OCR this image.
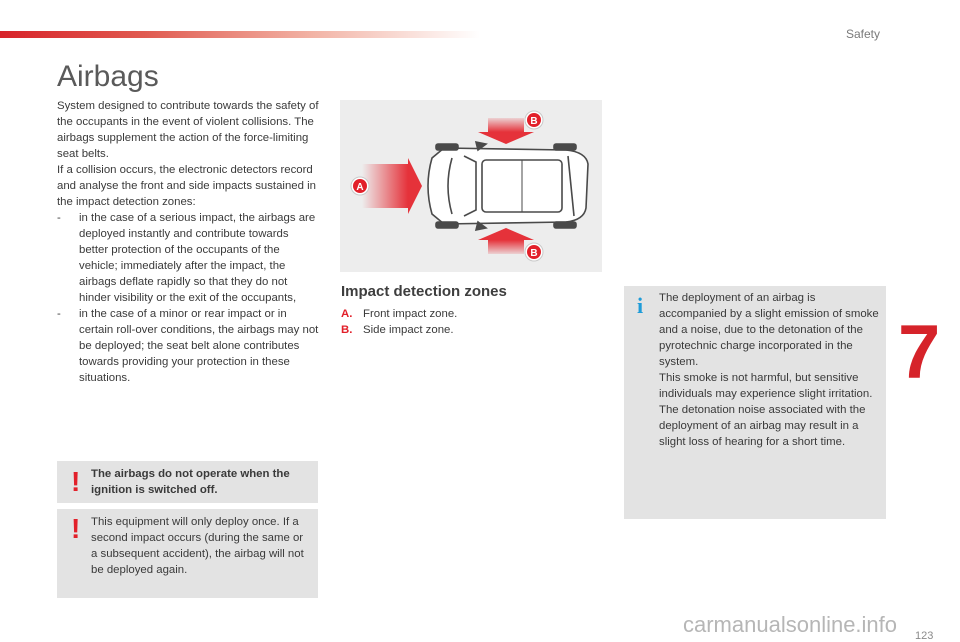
Safety
Airbags

System designed to contribute towards the safety of the occupants in the event of violent collisions. The airbags supplement the action of the force-limiting seat belts.

If a collision occurs, the electronic detectors record and analyse the front and side impacts sustained in the impact detection zones:

- in the case of a serious impact, the airbags are deployed instantly and contribute towards better protection of the occupants of the vehicle; immediately after the impact, the airbags deflate rapidly so that they do not hinder visibility or the exit of the occupants,
- in the case of a minor or rear impact or in certain roll-over conditions, the airbags may not be deployed; the seat belt alone contributes towards providing your protection in these situations.
! The airbags do not operate when the ignition is switched off.
! This equipment will only deploy once. If a second impact occurs (during the same or a subsequent accident), the airbag will not be deployed again.
A
B
B
Impact detection zones
A. Front impact zone.
B. Side impact zone.
i The deployment of an airbag is accompanied by a slight emission of smoke and a noise, due to the detonation of the pyrotechnic charge incorporated in the system.

This smoke is not harmful, but sensitive individuals may experience slight irritation.

The detonation noise associated with the deployment of an airbag may result in a slight loss of hearing for a short time.

7
carmanualsonline.info 123
